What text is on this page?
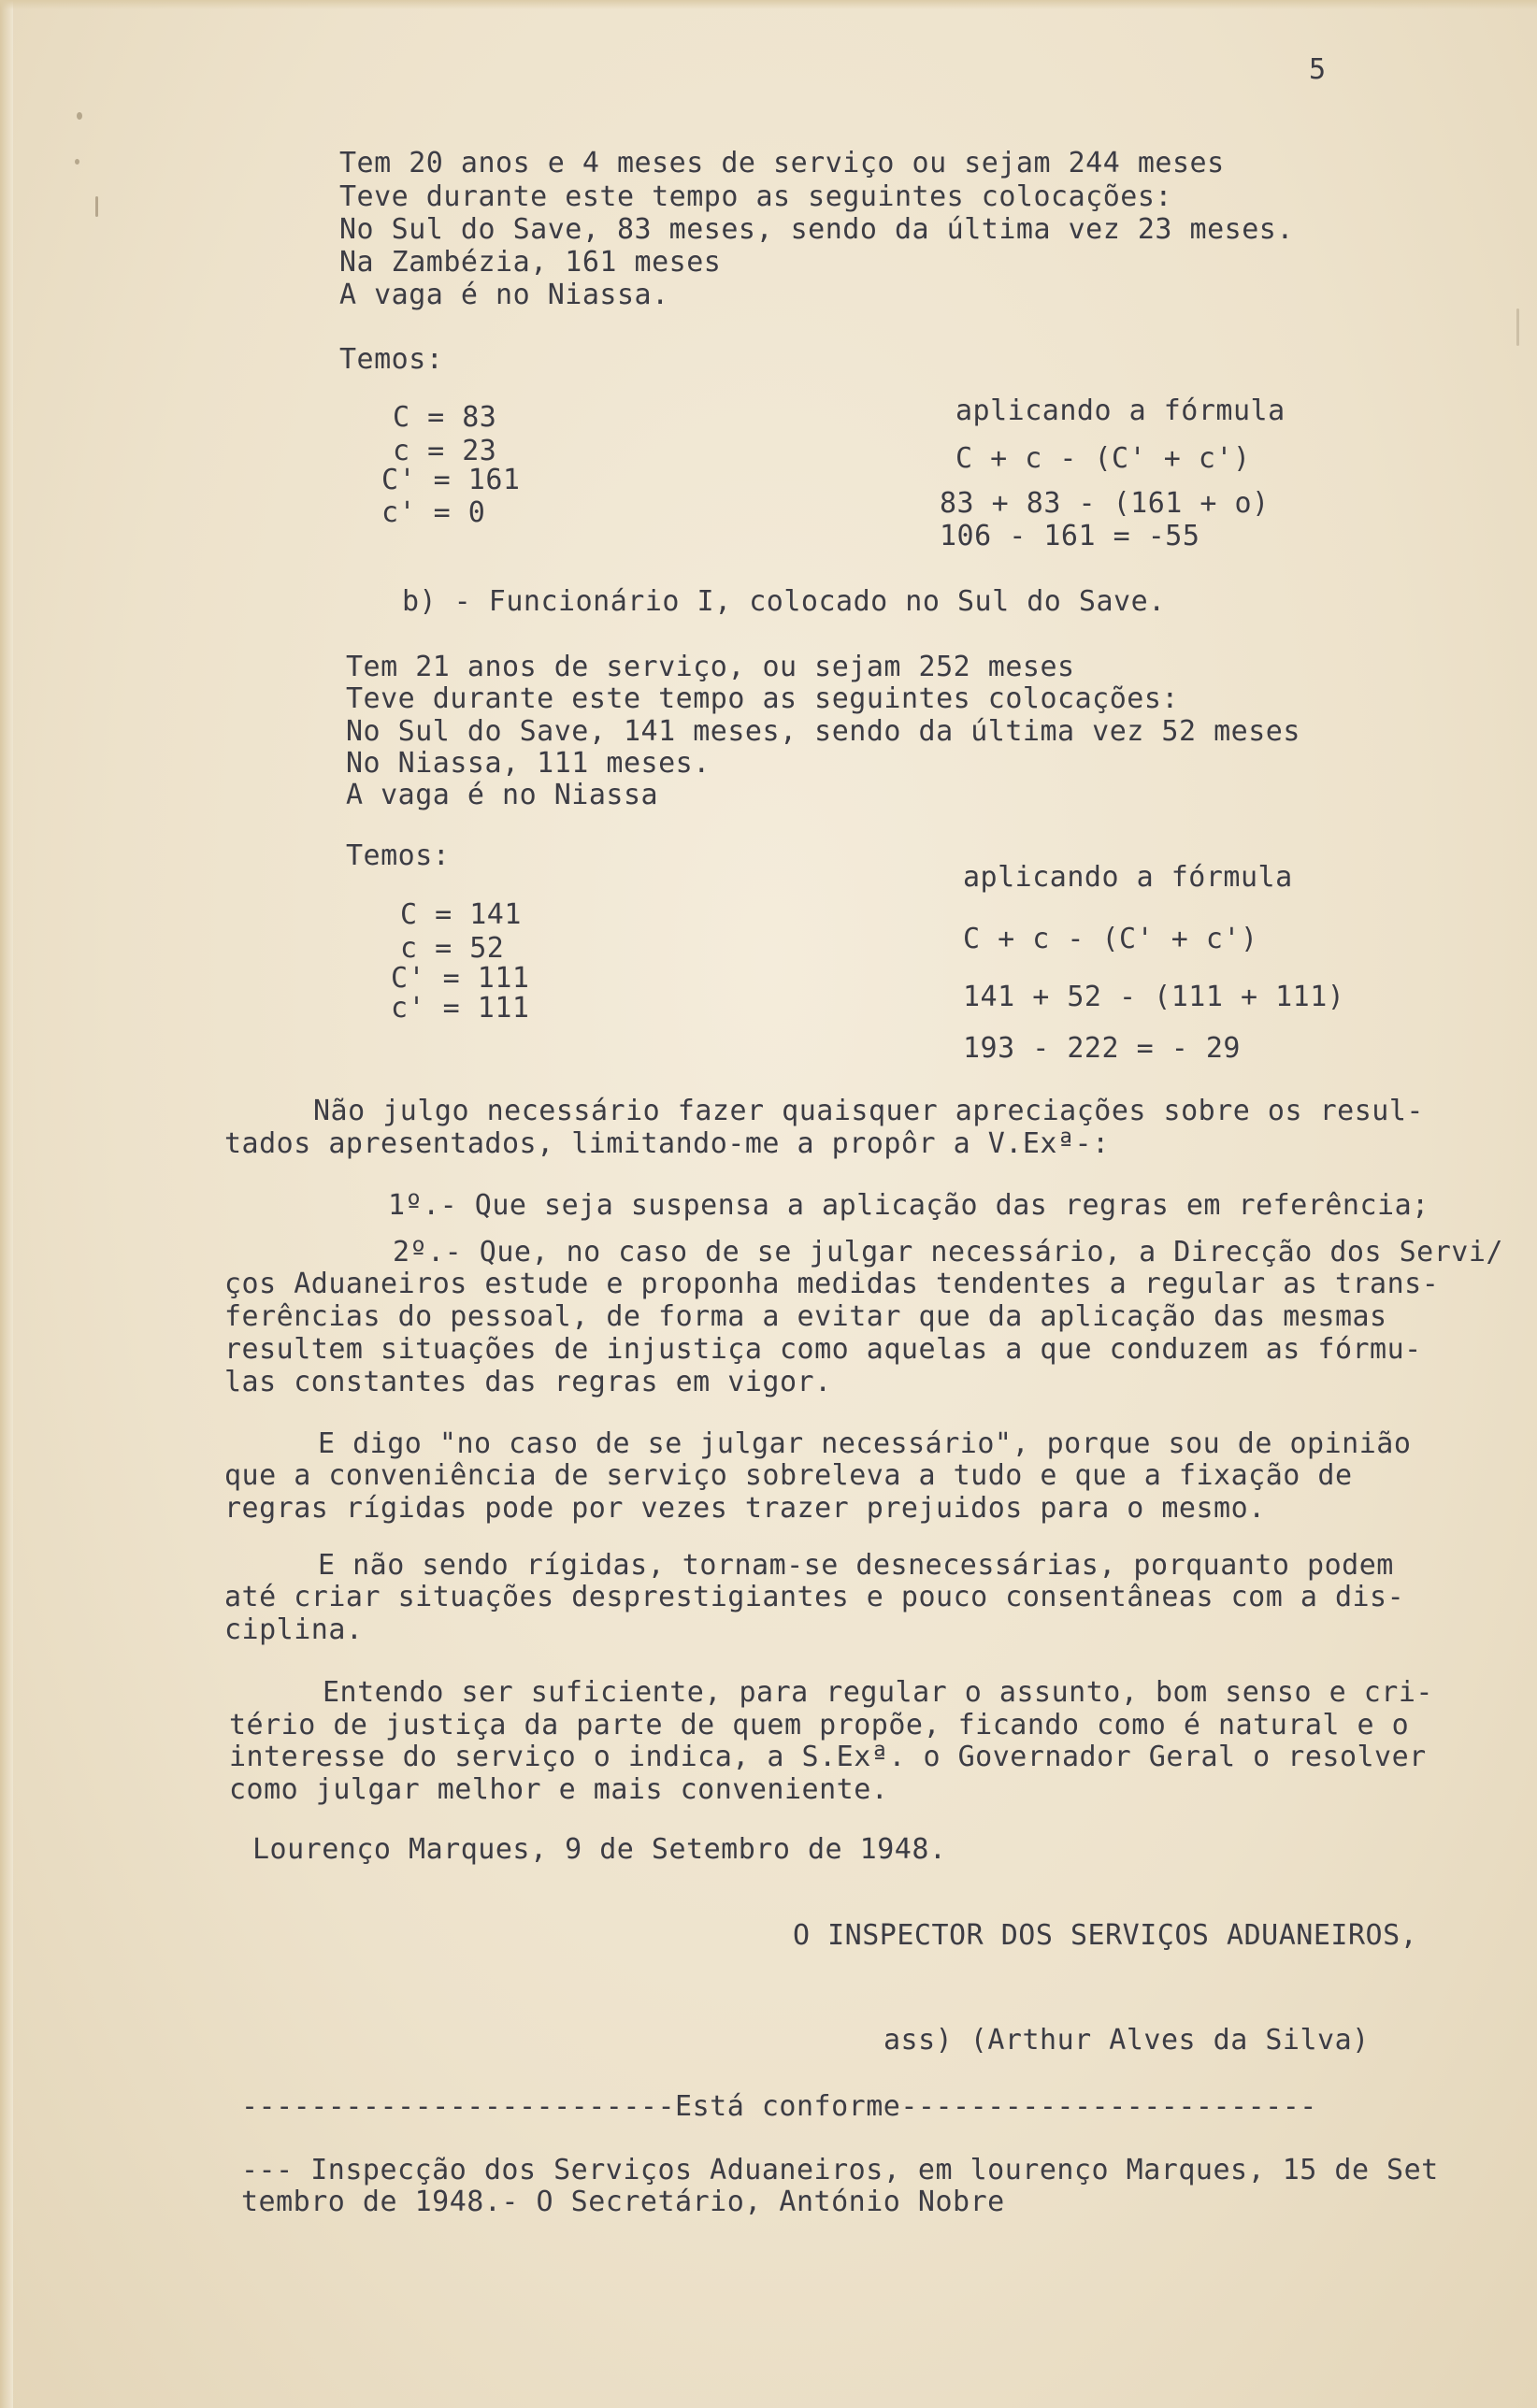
5
Tem 20 anos e 4 meses de serviço ou sejam 244 meses
Teve durante este tempo as seguintes colocações:
No Sul do Save, 83 meses, sendo da última vez 23 meses.
Na Zambézia, 161 meses
A vaga é no Niassa.
Temos:
C = 83
c = 23
C' = 161
c' = 0
aplicando a fórmula
C + c - (C' + c')
83 + 83 - (161 + o)
106 - 161 = -55
b) - Funcionário I, colocado no Sul do Save.
Tem 21 anos de serviço, ou sejam 252 meses
Teve durante este tempo as seguintes colocações:
No Sul do Save, 141 meses, sendo da última vez 52 meses
No Niassa, 111 meses.
A vaga é no Niassa
Temos:
C = 141
c = 52
C' = 111
c' = 111
aplicando a fórmula
C + c - (C' + c')
141 + 52 - (111 + 111)
193 - 222 = - 29
Não julgo necessário fazer quaisquer apreciações sobre os resul-
tados apresentados, limitando-me a propôr a V.Exª-:
1º.- Que seja suspensa a aplicação das regras em referência;
2º.- Que, no caso de se julgar necessário, a Direcção dos Servi/
ços Aduaneiros estude e proponha medidas tendentes a regular as trans-
ferências do pessoal, de forma a evitar que da aplicação das mesmas
resultem situações de injustiça como aquelas a que conduzem as fórmu-
las constantes das regras em vigor.
E digo "no caso de se julgar necessário", porque sou de opinião
que a conveniência de serviço sobreleva a tudo e que a fixação de
regras rígidas pode por vezes trazer prejuidos para o mesmo.
E não sendo rígidas, tornam-se desnecessárias, porquanto podem
até criar situações desprestigiantes e pouco consentâneas com a dis-
ciplina.
Entendo ser suficiente, para regular o assunto, bom senso e cri-
tério de justiça da parte de quem propõe, ficando como é natural e o
interesse do serviço o indica, a S.Exª. o Governador Geral o resolver
como julgar melhor e mais conveniente.
Lourenço Marques, 9 de Setembro de 1948.
O INSPECTOR DOS SERVIÇOS ADUANEIROS,
ass) (Arthur Alves da Silva)
-------------------------Está conforme------------------------
--- Inspecção dos Serviços Aduaneiros, em lourenço Marques, 15 de Set
tembro de 1948.- O Secretário, António Nobre
